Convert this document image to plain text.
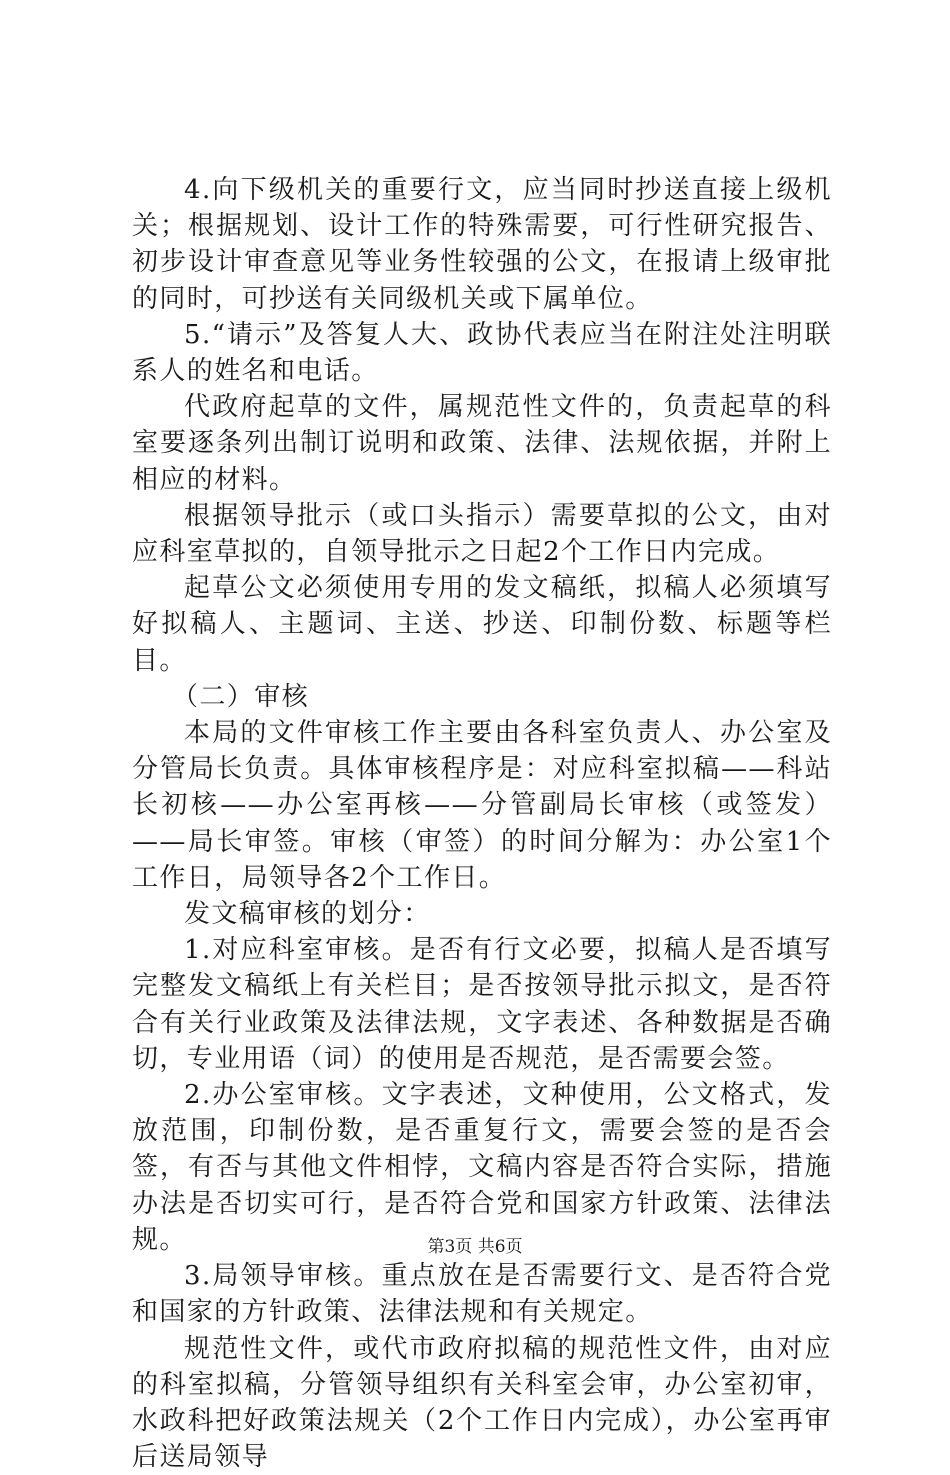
4.向下级机关的重要行文，应当同时抄送直接上级机关；根据规划、设计工作的特殊需要，可行性研究报告、初步设计审查意见等业务性较强的公文，在报请上级审批的同时，可抄送有关同级机关或下属单位。

5.“请示”及答复人大、政协代表应当在附注处注明联系人的姓名和电话。

代政府起草的文件，属规范性文件的，负责起草的科室要逐条列出制订说明和政策、法律、法规依据，并附上相应的材料。

根据领导批示（或口头指示）需要草拟的公文，由对应科室草拟的，自领导批示之日起2个工作日内完成。

起草公文必须使用专用的发文稿纸，拟稿人必须填写好拟稿人、主题词、主送、抄送、印制份数、标题等栏目。

（二）审核

本局的文件审核工作主要由各科室负责人、办公室及分管局长负责。具体审核程序是：对应科室拟稿——科站长初核——办公室再核——分管副局长审核（或签发）——局长审签。审核（审签）的时间分解为：办公室1个工作日，局领导各2个工作日。

发文稿审核的划分：

1.对应科室审核。是否有行文必要，拟稿人是否填写完整发文稿纸上有关栏目；是否按领导批示拟文，是否符合有关行业政策及法律法规，文字表述、各种数据是否确切，专业用语（词）的使用是否规范，是否需要会签。

2.办公室审核。文字表述，文种使用，公文格式，发放范围，印制份数，是否重复行文，需要会签的是否会签，有否与其他文件相悖，文稿内容是否符合实际，措施办法是否切实可行，是否符合党和国家方针政策、法律法规。

3.局领导审核。重点放在是否需要行文、是否符合党和国家的方针政策、法律法规和有关规定。

规范性文件，或代市政府拟稿的规范性文件，由对应的科室拟稿，分管领导组织有关科室会审，办公室初审，水政科把好政策法规关（2个工作日内完成），办公室再审后送局领导

第3页 共6页
